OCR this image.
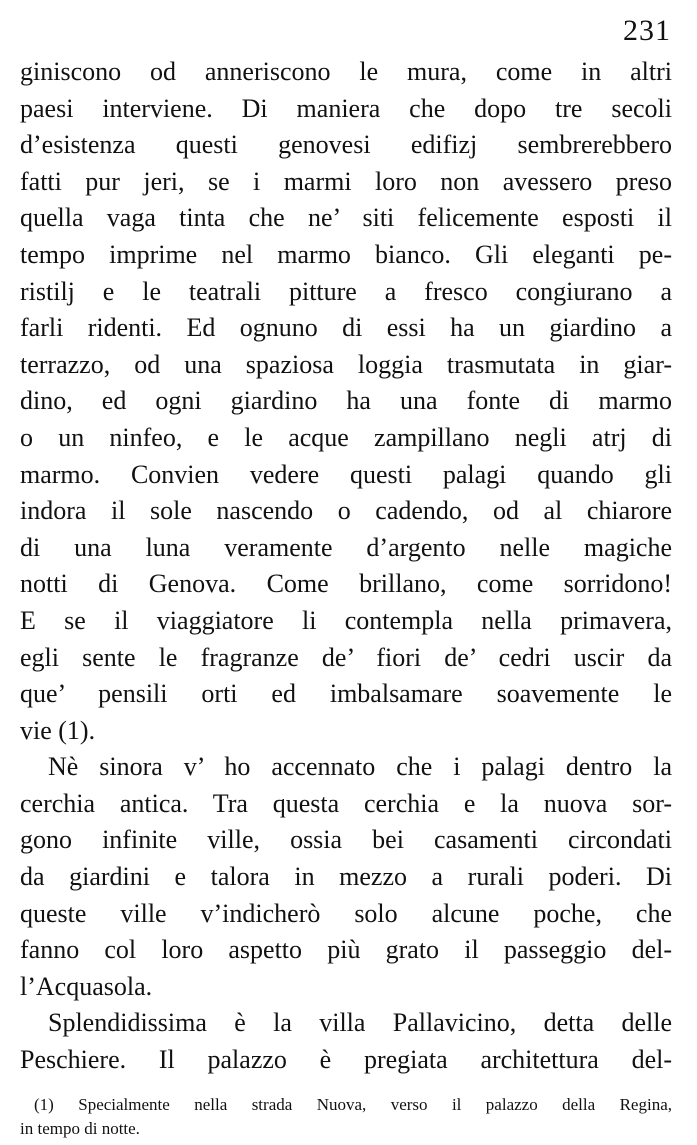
231
giniscono od anneriscono le mura, come in altri
paesi interviene. Di maniera che dopo tre secoli
d’esistenza questi genovesi edifizj sembrerebbero
fatti pur jeri, se i marmi loro non avessero preso
quella vaga tinta che ne’ siti felicemente esposti il
tempo imprime nel marmo bianco. Gli eleganti pe-
ristilj e le teatrali pitture a fresco congiurano a
farli ridenti. Ed ognuno di essi ha un giardino a
terrazzo, od una spaziosa loggia trasmutata in giar-
dino, ed ogni giardino ha una fonte di marmo
o un ninfeo, e le acque zampillano negli atrj di
marmo. Convien vedere questi palagi quando gli
indora il sole nascendo o cadendo, od al chiarore
di una luna veramente d’argento nelle magiche
notti di Genova. Come brillano, come sorridono!
E se il viaggiatore li contempla nella primavera,
egli sente le fragranze de’ fiori de’ cedri uscir da
que’ pensili orti ed imbalsamare soavemente le
vie (1).
Nè sinora v’ ho accennato che i palagi dentro la
cerchia antica. Tra questa cerchia e la nuova sor-
gono infinite ville, ossia bei casamenti circondati
da giardini e talora in mezzo a rurali poderi. Di
queste ville v’indicherò solo alcune poche, che
fanno col loro aspetto più grato il passeggio del-
l’Acquasola.
Splendidissima è la villa Pallavicino, detta delle
Peschiere. Il palazzo è pregiata architettura del-
(1) Specialmente nella strada Nuova, verso il palazzo della Regina,
in tempo di notte.
